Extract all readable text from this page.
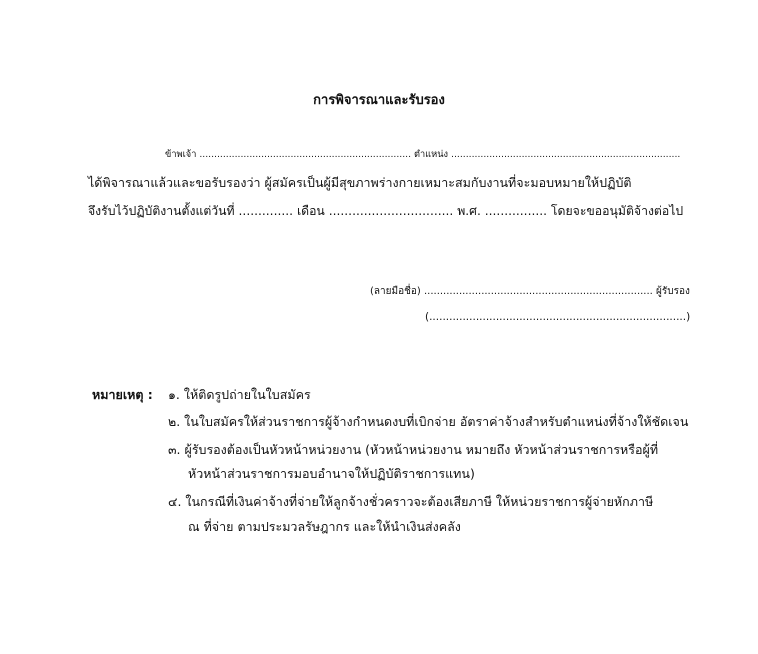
การพิจารณาและรับรอง
ข้าพเจ้า ........................................................................ ตำแหน่ง ..............................................................................
ได้พิจารณาแล้วและขอรับรองว่า ผู้สมัครเป็นผู้มีสุขภาพร่างกายเหมาะสมกับงานที่จะมอบหมายให้ปฏิบัติ
จึงรับไว้ปฏิบัติงานตั้งแต่วันที่ .............. เดือน ................................ พ.ศ. ................ โดยจะขออนุมัติจ้างต่อไป
(ลายมือชื่อ) ........................................................................ ผู้รับรอง
(.............................................................................)
หมายเหตุ : ๑. ให้ติดรูปถ่ายในใบสมัคร
๒. ในใบสมัครให้ส่วนราชการผู้จ้างกำหนดงบที่เบิกจ่าย อัตราค่าจ้างสำหรับตำแหน่งที่จ้างให้ชัดเจน
๓. ผู้รับรองต้องเป็นหัวหน้าหน่วยงาน (หัวหน้าหน่วยงาน หมายถึง หัวหน้าส่วนราชการหรือผู้ที่
หัวหน้าส่วนราชการมอบอำนาจให้ปฏิบัติราชการแทน)
๔. ในกรณีที่เงินค่าจ้างที่จ่ายให้ลูกจ้างชั่วคราวจะต้องเสียภาษี ให้หน่วยราชการผู้จ่ายหักภาษี
ณ ที่จ่าย ตามประมวลรัษฎากร และให้นำเงินส่งคลัง
